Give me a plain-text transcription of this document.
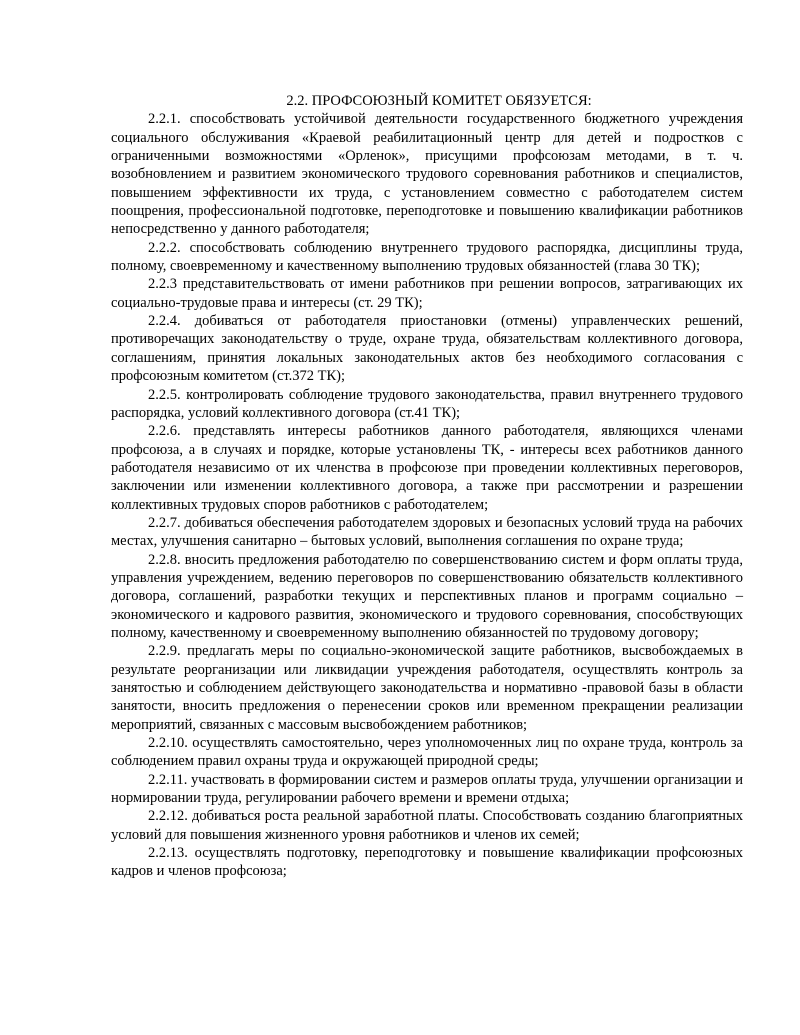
2.2. ПРОФСОЮЗНЫЙ КОМИТЕТ ОБЯЗУЕТСЯ:

2.2.1. способствовать устойчивой деятельности государственного бюджетного учреждения социального обслуживания «Краевой реабилитационный центр для детей и подростков с ограниченными возможностями «Орленок», присущими профсоюзам методами, в т. ч. возобновлением и развитием экономического трудового соревнования работников и специалистов, повышением эффективности их труда, с установлением совместно с работодателем систем поощрения, профессиональной подготовке, переподготовке и повышению квалификации работников непосредственно у данного работодателя;

2.2.2. способствовать соблюдению внутреннего трудового распорядка, дисциплины труда, полному, своевременному и качественному выполнению трудовых обязанностей (глава 30 ТК);

2.2.3 представительствовать от имени работников при решении вопросов, затрагивающих их социально-трудовые права и интересы (ст. 29 ТК);

2.2.4. добиваться от работодателя приостановки (отмены) управленческих решений, противоречащих законодательству о труде, охране труда, обязательствам коллективного договора, соглашениям, принятия локальных законодательных актов без необходимого согласования с профсоюзным комитетом (ст.372 ТК);

2.2.5. контролировать соблюдение трудового законодательства, правил внутреннего трудового распорядка, условий коллективного договора (ст.41 ТК);

2.2.6. представлять интересы работников данного работодателя, являющихся членами профсоюза, а в случаях и порядке, которые установлены ТК, - интересы всех работников данного работодателя независимо от их членства в профсоюзе при проведении коллективных переговоров, заключении или изменении коллективного договора, а также при рассмотрении и разрешении коллективных трудовых споров работников с работодателем;

2.2.7. добиваться обеспечения работодателем здоровых и безопасных условий труда на рабочих местах, улучшения санитарно – бытовых условий, выполнения соглашения по охране труда;

2.2.8. вносить предложения работодателю по совершенствованию систем и форм оплаты труда, управления учреждением, ведению переговоров по совершенствованию обязательств коллективного договора, соглашений, разработки текущих и перспективных планов и программ социально – экономического и кадрового развития, экономического и трудового соревнования, способствующих полному, качественному и своевременному выполнению обязанностей по трудовому договору;

2.2.9. предлагать меры по социально-экономической защите работников, высвобождаемых в результате реорганизации или ликвидации учреждения работодателя, осуществлять контроль за занятостью и соблюдением действующего законодательства и нормативно -правовой базы в области занятости, вносить предложения о перенесении сроков или временном прекращении реализации мероприятий, связанных с массовым высвобождением работников;

2.2.10. осуществлять самостоятельно, через уполномоченных лиц по охране труда, контроль за соблюдением правил охраны труда и окружающей природной среды;

2.2.11. участвовать в формировании систем и размеров оплаты труда, улучшении организации и нормировании труда, регулировании рабочего времени и времени отдыха;

2.2.12. добиваться роста реальной заработной платы. Способствовать созданию благоприятных условий для повышения жизненного уровня работников и членов их семей;

2.2.13. осуществлять подготовку, переподготовку и повышение квалификации профсоюзных кадров и членов профсоюза;
